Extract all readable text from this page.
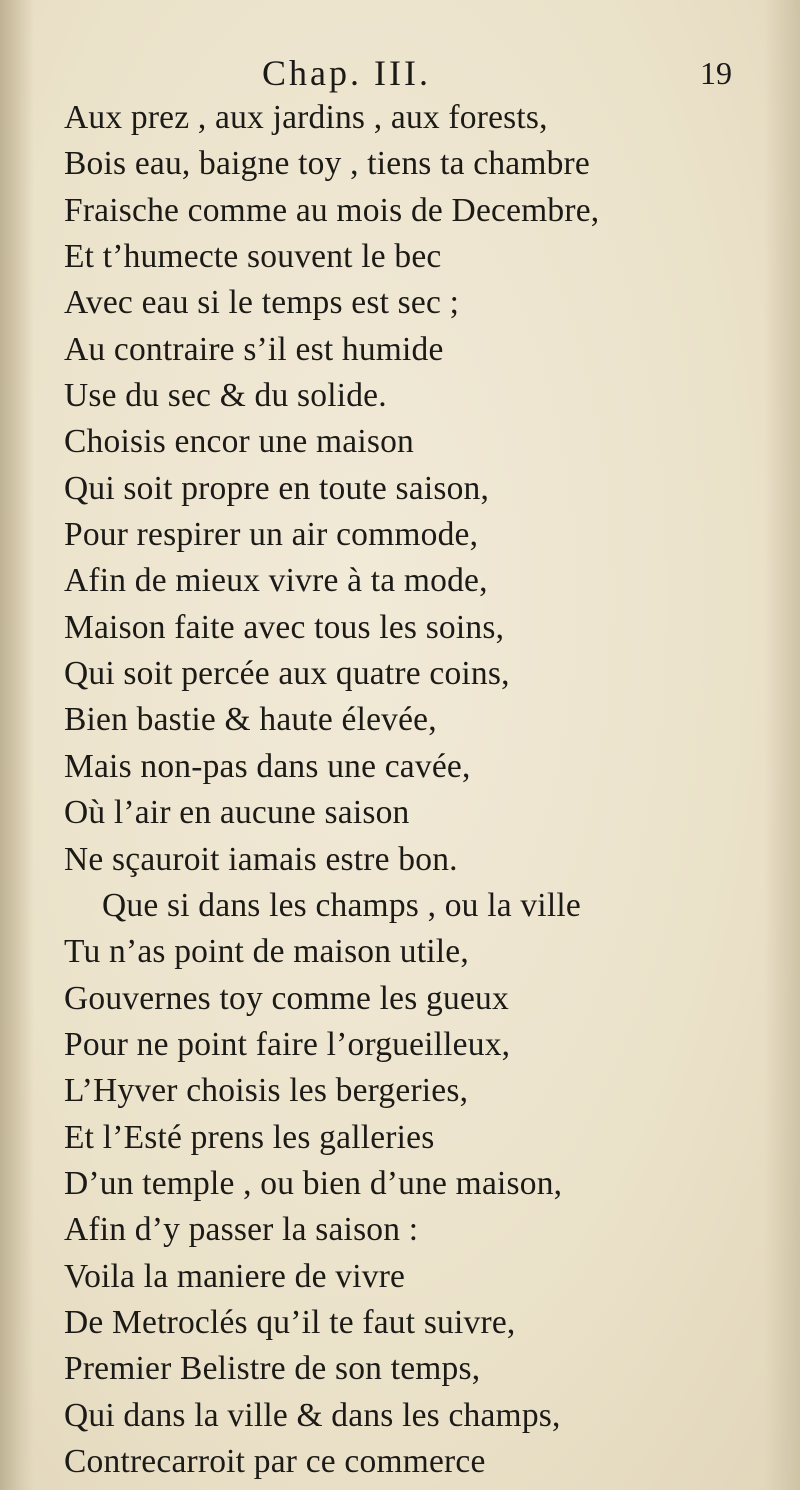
Chap. III.	19
Aux prez , aux jardins , aux forests,
Bois eau, baigne toy , tiens ta chambre
Fraische comme au mois de Decembre,
Et t’humecte souvent le bec
Avec eau si le temps est sec ;
Au contraire s’il est humide
Use du sec & du solide.
Choisis encor une maison
Qui soit propre en toute saison,
Pour respirer un air commode,
Afin de mieux vivre à ta mode,
Maison faite avec tous les soins,
Qui soit percée aux quatre coins,
Bien bastie & haute élevée,
Mais non-pas dans une cavée,
Où l’air en aucune saison
Ne sçauroit iamais estre bon.
Que si dans les champs , ou la ville
Tu n’as point de maison utile,
Gouvernes toy comme les gueux
Pour ne point faire l’orgueilleux,
L’Hyver choisis les bergeries,
Et l’Esté prens les galleries
D’un temple , ou bien d’une maison,
Afin d’y passer la saison :
Voila la maniere de vivre
De Metroclés qu’il te faut suivre,
Premier Belistre de son temps,
Qui dans la ville & dans les champs,
Contrecarroit par ce commerce
